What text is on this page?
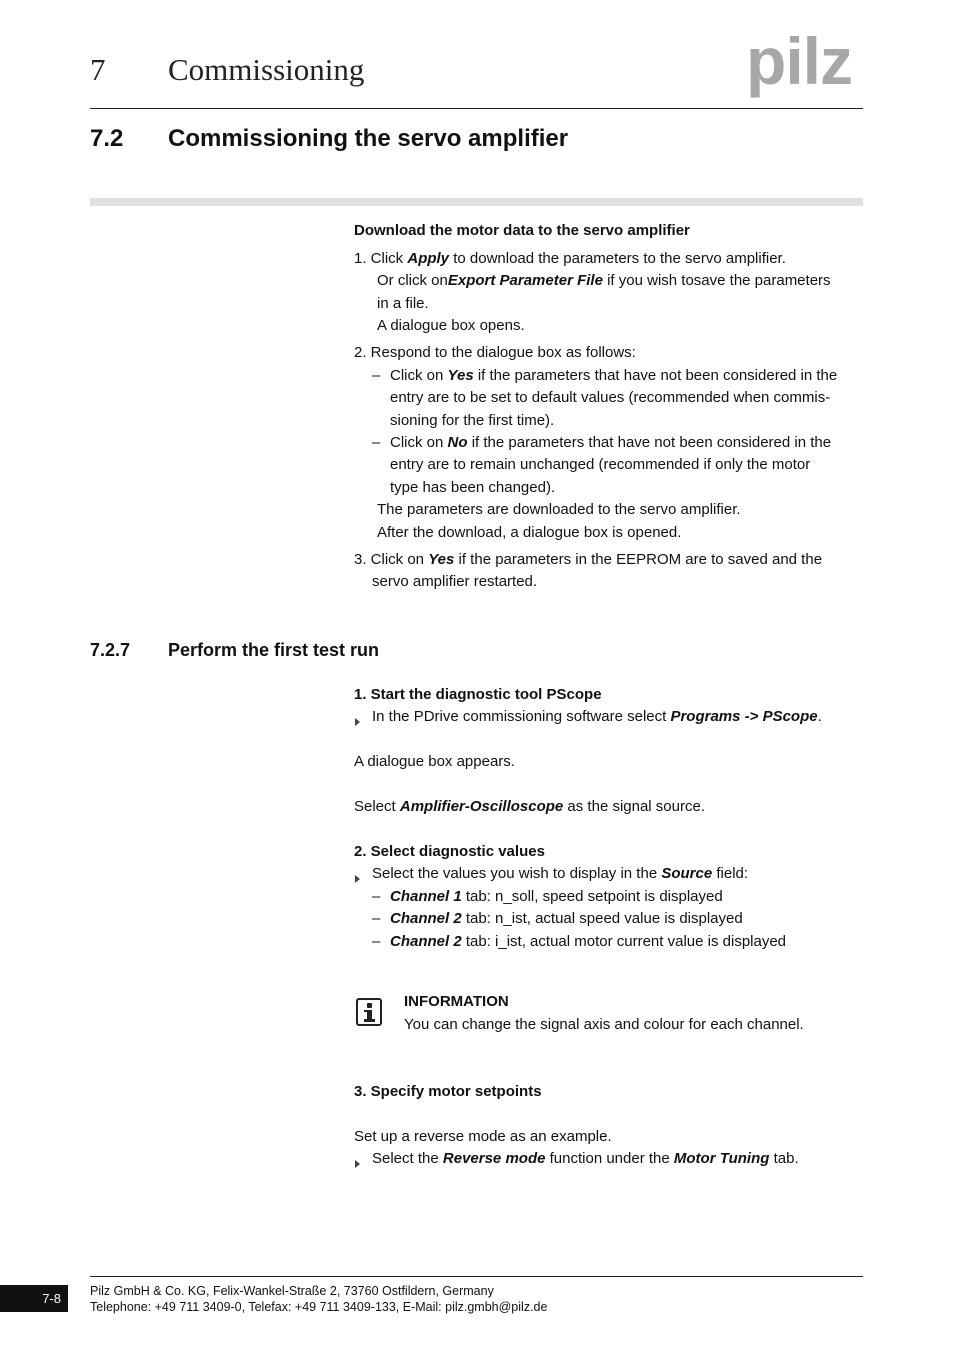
7 Commissioning	pilz
7.2 Commissioning the servo amplifier
Download the motor data to the servo amplifier
1. Click Apply to download the parameters to the servo amplifier.
Or click onExport Parameter File if you wish tosave the parameters
in a file.
A dialogue box opens.
2. Respond to the dialogue box as follows:
– Click on Yes if the parameters that have not been considered in the
entry are to be set to default values (recommended when commis-
sioning for the first time).
– Click on No if the parameters that have not been considered in the
entry are to remain unchanged (recommended if only the motor
type has been changed).
The parameters are downloaded to the servo amplifier.
After the download, a dialogue box is opened.
3. Click on Yes if the parameters in the EEPROM are to saved and the
servo amplifier restarted.
7.2.7 Perform the first test run
1. Start the diagnostic tool PScope
In the PDrive commissioning software select Programs -> PScope.
A dialogue box appears.
Select Amplifier-Oscilloscope as the signal source.
2. Select diagnostic values
Select the values you wish to display in the Source field:
– Channel 1 tab: n_soll, speed setpoint is displayed
– Channel 2 tab: n_ist, actual speed value is displayed
– Channel 2 tab: i_ist, actual motor current value is displayed
INFORMATION
You can change the signal axis and colour for each channel.
3. Specify motor setpoints
Set up a reverse mode as an example.
Select the Reverse mode function under the Motor Tuning tab.
7-8	Pilz GmbH & Co. KG, Felix-Wankel-Straße 2, 73760 Ostfildern, Germany
Telephone: +49 711 3409-0, Telefax: +49 711 3409-133, E-Mail: pilz.gmbh@pilz.de
